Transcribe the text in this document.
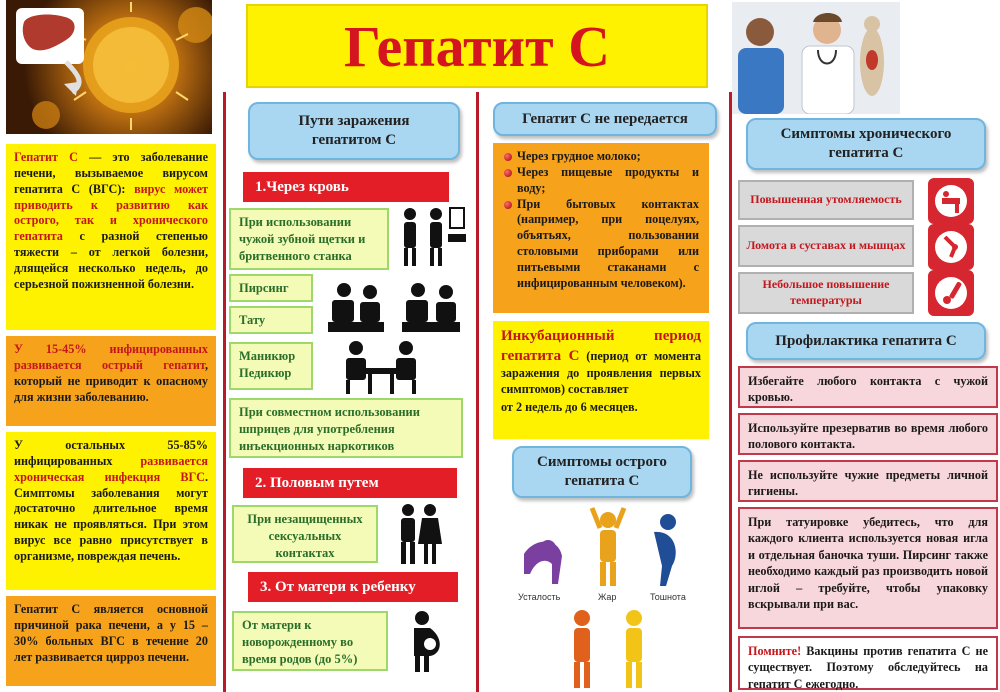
Гепатит С
Гепатит С — это заболевание печени, вызываемое вирусом гепатита С (ВГС): вирус может приводить к развитию как острого, так и хронического гепатита с разной степенью тяжести – от легкой болезни, длящейся несколько недель, до серьезной пожизненной болезни.
У 15-45% инфицированных развивается острый гепатит, который не приводит к опасному для жизни заболеванию.
У остальных 55-85% инфицированных развивается хроническая инфекция ВГС. Симптомы заболевания могут достаточно длительное время никак не проявляться. При этом вирус все равно присутствует в организме, повреждая печень.
Гепатит С является основной причиной рака печени, а у 15 – 30% больных ВГС в течение 20 лет развивается цирроз печени.
Пути заражения гепатитом С
1.Через кровь
При использовании чужой зубной щетки и бритвенного станка
Пирсинг
Тату
Маникюр Педикюр
При совместном использовании шприцев для употребления инъекционных наркотиков
2. Половым путем
При незащищенных сексуальных контактах
3. От матери к ребенку
От матери к новорожденному во время родов (до 5%)
Гепатит С не передается
Через грудное молоко;
Через пищевые продукты и воду;
При бытовых контактах (например, при поцелуях, объятьях, пользовании столовыми приборами или питьевыми стаканами с инфицированным человеком).
Инкубационный период гепатита С (период от момента заражения до проявления первых симптомов) составляет
от 2 недель до 6 месяцев.
Симптомы острого гепатита С
Усталость	Жар	Тошнота
Симптомы хронического гепатита С
Повышенная утомляемость
Ломота в суставах и мышцах
Небольшое повышение температуры
Профилактика гепатита С
Избегайте любого контакта с чужой кровью.
Используйте презерватив во время любого полового контакта.
Не используйте чужие предметы личной гигиены.
При татуировке убедитесь, что для каждого клиента используется новая игла и отдельная баночка туши. Пирсинг также необходимо каждый раз производить новой иглой – требуйте, чтобы упаковку вскрывали при вас.
Помните! Вакцины против гепатита С не существует. Поэтому обследуйтесь на гепатит С ежегодно.
